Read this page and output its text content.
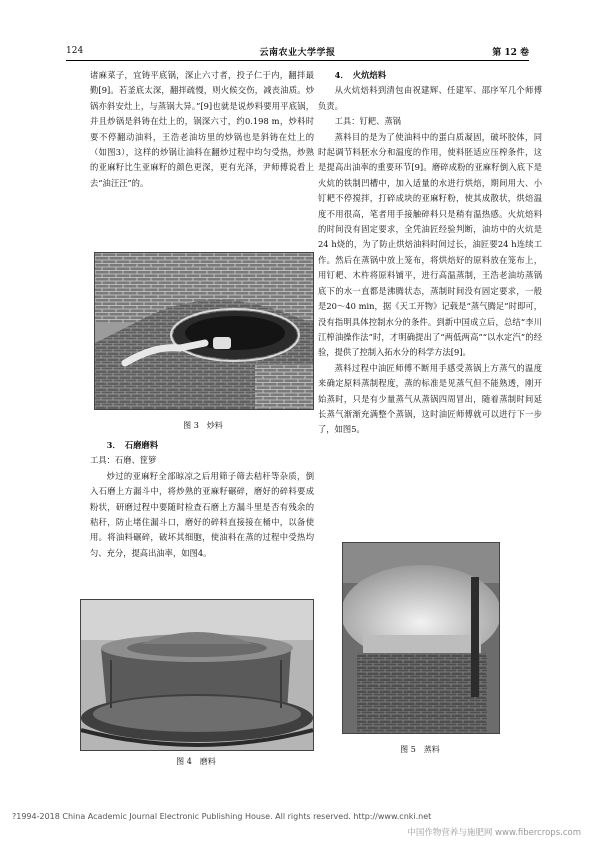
124	云南农业大学学报	第 12 卷

诸麻菜子，宜铸平底锅，深止六寸者，投子仁于内，翻拌最勤[9]。若釜底太深，翻拌疏慢，则火候交伤，减丧油质。炒锅亦斜安灶上，与蒸锅大异。”[9]也就是说炒料要用平底锅，并且炒锅是斜铸在灶上的，锅深六寸，约0.198 m，炒料时要不停翻动油料，王浩老油坊里的炒锅也是斜铸在灶上的（如图3），这样的炒锅让油料在翻炒过程中均匀受热，炒熟的亚麻籽比生亚麻籽的颜色更深，更有光泽，尹师傅说看上去“油汪汪”的。

图 3　炒料

3．　石磨磨料

工具：石磨、筐箩

炒过的亚麻籽全部晾凉之后用筛子筛去秸秆等杂质，倒入石磨上方漏斗中，将炒熟的亚麻籽碾碎，磨好的碎料要成粉状，研磨过程中要随时检查石磨上方漏斗里是否有残余的秸秆，防止堵住漏斗口，磨好的碎料直接接在桶中，以备使用。将油料碾碎，破坏其细胞，使油料在蒸的过程中受热均匀、充分，提高出油率，如图4。

图 4　磨料

4．　火炕焙料

从火炕焙料到清包由祝建辉、任建军、邵序军几个师傅负责。

工具：钉耙、蒸锅

蒸料目的是为了使油料中的蛋白质凝固，破坏胶体，同时起调节料胚水分和温度的作用，使料胚适应压榨条件，这是提高出油率的重要环节[9]。磨碎成粉的亚麻籽倒入底下是火炕的铁制凹槽中，加入适量的水进行烘焙，期间用大、小钉耙不停搅拌，打碎成块的亚麻籽粉，使其成散状，烘焙温度不用很高，笔者用手接触碎料只是稍有温热感。火炕焙料的时间没有固定要求，全凭油匠经验判断，油坊中的火炕是24 h烧的，为了防止烘焙油料时间过长，油匠要24 h连续工作。然后在蒸锅中放上笼布，将烘焙好的原料放在笼布上，用钉耙、木杵将原料铺平，进行高温蒸制，王浩老油坊蒸锅底下的水一直都是沸腾状态，蒸制时间没有固定要求，一般是20～40 min，据《天工开物》记载是“蒸气腾足”时即可，没有指明具体控制水分的条件。到新中国成立后，总结“李川江榨油操作法”时，才明确提出了“两低两高”“以水定汽”的经验，提供了控制入拓水分的科学方法[9]。

蒸料过程中油匠师傅不断用手感受蒸锅上方蒸气的温度来确定原料蒸制程度，蒸的标准是见蒸气但不能熟透，刚开始蒸时，只是有少量蒸气从蒸锅四周冒出，随着蒸制时间延长蒸气渐渐充满整个蒸锅，这时油匠师傅就可以进行下一步了，如图5。

图 5　蒸料
?1994-2018 China Academic Journal Electronic Publishing House. All rights reserved. http://www.cnki.net
中国作物营养与施肥网 www.fibercrops.com
